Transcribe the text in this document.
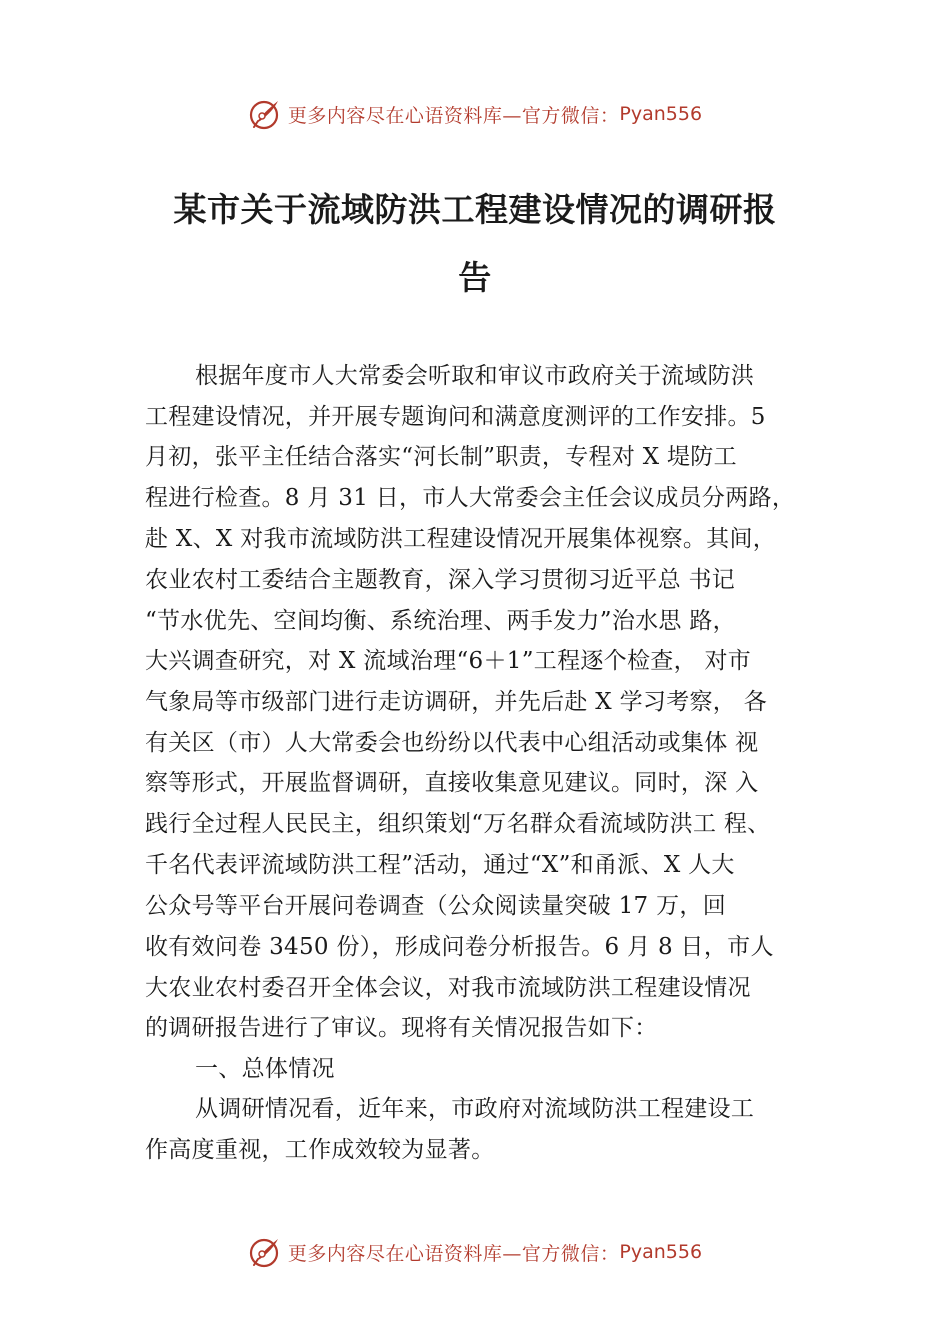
更多内容尽在心语资料库—官方微信： Pyan556
某市关于流域防洪工程建设情况的调研报
告
根据年度市人大常委会听取和审议市政府关于流域防洪
工程建设情况，并开展专题询问和满意度测评的工作安排。5
月初，张平主任结合落实“河长制”职责，专程对 X 堤防工
程进行检查。8 月 31 日，市人大常委会主任会议成员分两路，
赴 X、X 对我市流域防洪工程建设情况开展集体视察。其间，
农业农村工委结合主题教育，深入学习贯彻习近平总 书记
“节水优先、空间均衡、系统治理、两手发力”治水思 路，
大兴调查研究，对 X 流域治理“6＋1”工程逐个检查， 对市
气象局等市级部门进行走访调研，并先后赴 X 学习考察， 各
有关区（市）人大常委会也纷纷以代表中心组活动或集体 视
察等形式，开展监督调研，直接收集意见建议。同时，深 入
践行全过程人民民主，组织策划“万名群众看流域防洪工 程、
千名代表评流域防洪工程”活动，通过“X”和甬派、X 人大
公众号等平台开展问卷调查（公众阅读量突破 17 万，回
收有效问卷 3450 份），形成问卷分析报告。6 月 8 日，市人
大农业农村委召开全体会议，对我市流域防洪工程建设情况
的调研报告进行了审议。现将有关情况报告如下：
一、总体情况
从调研情况看，近年来，市政府对流域防洪工程建设工
作高度重视，工作成效较为显著。
更多内容尽在心语资料库—官方微信： Pyan556
